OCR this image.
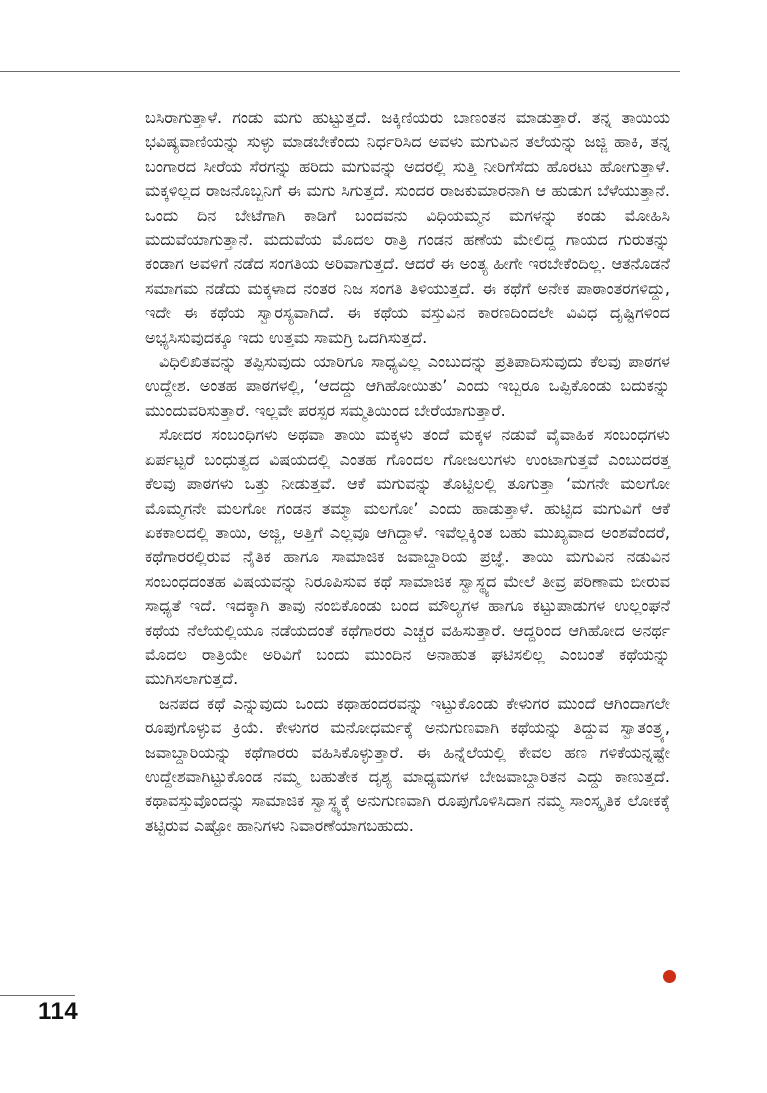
ಬಸಿರಾಗುತ್ತಾಳೆ. ಗಂಡು ಮಗು ಹುಟ್ಟುತ್ತದೆ. ಜಕ್ಕಿಣಿಯರು ಬಾಣಂತನ ಮಾಡುತ್ತಾರೆ. ತನ್ನ ತಾಯಿಯ ಭವಿಷ್ಯವಾಣಿಯನ್ನು ಸುಳ್ಳು ಮಾಡಬೇಕೆಂದು ನಿರ್ಧರಿಸಿದ ಅವಳು ಮಗುವಿನ ತಲೆಯನ್ನು ಜಜ್ಜಿ ಹಾಕಿ, ತನ್ನ ಬಂಗಾರದ ಸೀರೆಯ ಸೆರಗನ್ನು ಹರಿದು ಮಗುವನ್ನು ಅದರಲ್ಲಿ ಸುತ್ತಿ ನೀರಿಗೆಸೆದು ಹೊರಟು ಹೋಗುತ್ತಾಳೆ. ಮಕ್ಕಳಿಲ್ಲದ ರಾಜನೊಬ್ಬನಿಗೆ ಈ ಮಗು ಸಿಗುತ್ತದೆ. ಸುಂದರ ರಾಜಕುಮಾರನಾಗಿ ಆ ಹುಡುಗ ಬೆಳೆಯುತ್ತಾನೆ. ಒಂದು ದಿನ ಬೇಟೆಗಾಗಿ ಕಾಡಿಗೆ ಬಂದವನು ವಿಧಿಯಮ್ಮನ ಮಗಳನ್ನು ಕಂಡು ಮೋಹಿಸಿ ಮದುವೆಯಾಗುತ್ತಾನೆ. ಮದುವೆಯ ಮೊದಲ ರಾತ್ರಿ ಗಂಡನ ಹಣೆಯ ಮೇಲಿದ್ದ ಗಾಯದ ಗುರುತನ್ನು ಕಂಡಾಗ ಅವಳಿಗೆ ನಡೆದ ಸಂಗತಿಯ ಅರಿವಾಗುತ್ತದೆ. ಆದರೆ ಈ ಅಂತ್ಯ ಹೀಗೇ ಇರಬೇಕೆಂದಿಲ್ಲ. ಆತನೊಡನೆ ಸಮಾಗಮ ನಡೆದು ಮಕ್ಕಳಾದ ನಂತರ ನಿಜ ಸಂಗತಿ ತಿಳಿಯುತ್ತದೆ. ಈ ಕಥೆಗೆ ಅನೇಕ ಪಾಠಾಂತರಗಳಿದ್ದು, ಇದೇ ಈ ಕಥೆಯ ಸ್ವಾರಸ್ಯವಾಗಿದೆ. ಈ ಕಥೆಯ ವಸ್ತುವಿನ ಕಾರಣದಿಂದಲೇ ವಿವಿಧ ದೃಷ್ಟಿಗಳಿಂದ ಅಭ್ಯಸಿಸುವುದಕ್ಕೂ ಇದು ಉತ್ತಮ ಸಾಮಗ್ರಿ ಒದಗಿಸುತ್ತದೆ.

ವಿಧಿಲಿಖಿತವನ್ನು ತಪ್ಪಿಸುವುದು ಯಾರಿಗೂ ಸಾಧ್ಯವಿಲ್ಲ ಎಂಬುದನ್ನು ಪ್ರತಿಪಾದಿಸುವುದು ಕೆಲವು ಪಾಠಗಳ ಉದ್ದೇಶ. ಅಂತಹ ಪಾಠಗಳಲ್ಲಿ, ‘ಆದದ್ದು ಆಗಿಹೋಯಿತು’ ಎಂದು ಇಬ್ಬರೂ ಒಪ್ಪಿಕೊಂಡು ಬದುಕನ್ನು ಮುಂದುವರಿಸುತ್ತಾರೆ. ಇಲ್ಲವೇ ಪರಸ್ಪರ ಸಮ್ಮತಿಯಿಂದ ಬೇರೆಯಾಗುತ್ತಾರೆ.

ಸೋದರ ಸಂಬಂಧಿಗಳು ಅಥವಾ ತಾಯಿ ಮಕ್ಕಳು ತಂದೆ ಮಕ್ಕಳ ನಡುವೆ ವೈವಾಹಿಕ ಸಂಬಂಧಗಳು ಏರ್ಪಟ್ಟರೆ ಬಂಧುತ್ವದ ವಿಷಯದಲ್ಲಿ ಎಂತಹ ಗೊಂದಲ ಗೋಜಲುಗಳು ಉಂಟಾಗುತ್ತವೆ ಎಂಬುದರತ್ತ ಕೆಲವು ಪಾಠಗಳು ಒತ್ತು ನೀಡುತ್ತವೆ. ಆಕೆ ಮಗುವನ್ನು ತೊಟ್ಟಿಲಲ್ಲಿ ತೂಗುತ್ತಾ ‘ಮಗನೇ ಮಲಗೋ ಮೊಮ್ಮಗನೇ ಮಲಗೋ ಗಂಡನ ತಮ್ಮಾ ಮಲಗೋ’ ಎಂದು ಹಾಡುತ್ತಾಳೆ. ಹುಟ್ಟಿದ ಮಗುವಿಗೆ ಆಕೆ ಏಕಕಾಲದಲ್ಲಿ ತಾಯಿ, ಅಜ್ಜಿ, ಅತ್ತಿಗೆ ಎಲ್ಲವೂ ಆಗಿದ್ದಾಳೆ. ಇವೆಲ್ಲಕ್ಕಿಂತ ಬಹು ಮುಖ್ಯವಾದ ಅಂಶವೆಂದರೆ, ಕಥೆಗಾರರಲ್ಲಿರುವ ನೈತಿಕ ಹಾಗೂ ಸಾಮಾಜಿಕ ಜವಾಬ್ದಾರಿಯ ಪ್ರಜ್ಞೆ. ತಾಯಿ ಮಗುವಿನ ನಡುವಿನ ಸಂಬಂಧದಂತಹ ವಿಷಯವನ್ನು ನಿರೂಪಿಸುವ ಕಥೆ ಸಾಮಾಜಿಕ ಸ್ವಾಸ್ಥ್ಯದ ಮೇಲೆ ತೀವ್ರ ಪರಿಣಾಮ ಬೀರುವ ಸಾಧ್ಯತೆ ಇದೆ. ಇದಕ್ಕಾಗಿ ತಾವು ನಂಬಿಕೊಂಡು ಬಂದ ಮೌಲ್ಯಗಳ ಹಾಗೂ ಕಟ್ಟುಪಾಡುಗಳ ಉಲ್ಲಂಘನೆ ಕಥೆಯ ನೆಲೆಯಲ್ಲಿಯೂ ನಡೆಯದಂತೆ ಕಥೆಗಾರರು ಎಚ್ಚರ ವಹಿಸುತ್ತಾರೆ. ಆದ್ದರಿಂದ ಆಗಿಹೋದ ಅನರ್ಥ ಮೊದಲ ರಾತ್ರಿಯೇ ಅರಿವಿಗೆ ಬಂದು ಮುಂದಿನ ಅನಾಹುತ ಘಟಿಸಲಿಲ್ಲ ಎಂಬಂತೆ ಕಥೆಯನ್ನು ಮುಗಿಸಲಾಗುತ್ತದೆ.

ಜನಪದ ಕಥೆ ಎನ್ನುವುದು ಒಂದು ಕಥಾಹಂದರವನ್ನು ಇಟ್ಟುಕೊಂಡು ಕೇಳುಗರ ಮುಂದೆ ಆಗಿಂದಾಗಲೇ ರೂಪುಗೊಳ್ಳುವ ಕ್ರಿಯೆ. ಕೇಳುಗರ ಮನೋಧರ್ಮಕ್ಕೆ ಅನುಗುಣವಾಗಿ ಕಥೆಯನ್ನು ತಿದ್ದುವ ಸ್ವಾತಂತ್ರ್ಯ, ಜವಾಬ್ದಾರಿಯನ್ನು ಕಥೆಗಾರರು ವಹಿಸಿಕೊಳ್ಳುತ್ತಾರೆ. ಈ ಹಿನ್ನೆಲೆಯಲ್ಲಿ ಕೇವಲ ಹಣ ಗಳಿಕೆಯನ್ನಷ್ಟೇ ಉದ್ದೇಶವಾಗಿಟ್ಟುಕೊಂಡ ನಮ್ಮ ಬಹುತೇಕ ದೃಶ್ಯ ಮಾಧ್ಯಮಗಳ ಬೇಜವಾಬ್ದಾರಿತನ ಎದ್ದು ಕಾಣುತ್ತದೆ. ಕಥಾವಸ್ತುವೊಂದನ್ನು ಸಾಮಾಜಿಕ ಸ್ವಾಸ್ಥ್ಯಕ್ಕೆ ಅನುಗುಣವಾಗಿ ರೂಪುಗೊಳಿಸಿದಾಗ ನಮ್ಮ ಸಾಂಸ್ಕೃತಿಕ ಲೋಕಕ್ಕೆ ತಟ್ಟಿರುವ ಎಷ್ಟೋ ಹಾನಿಗಳು ನಿವಾರಣೆಯಾಗಬಹುದು.

114
